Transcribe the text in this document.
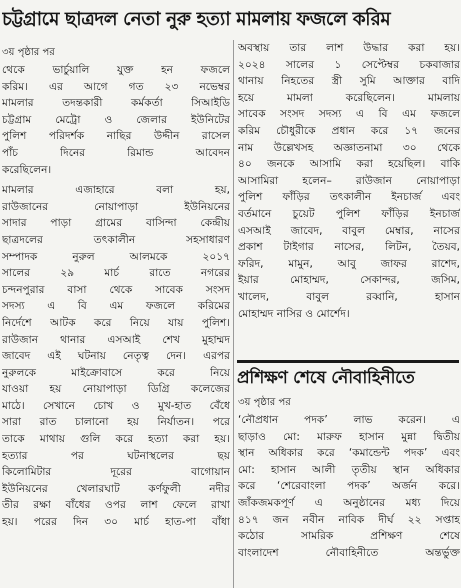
চট্টগ্রামে ছাত্রদল নেতা নুরু হত্যা মামলায় ফজলে করিম
৩য় পৃষ্ঠার পর
থেকে ভার্চুয়ালি যুক্ত হন ফজলে
করিম। এর আগে গত ২৩ নভেম্বর
মামলার তদন্তকারী কর্মকর্তা সিআইডি
চট্টগ্রাম মেট্রো ও জেলার ইউনিটের
পুলিশ পরিদর্শক নাছির উদ্দীন রাসেল
পাঁচ দিনের রিমান্ড আবেদন
করেছিলেন।
মামলার এজাহারে বলা হয়,
রাউজানের নোয়াপাড়া ইউনিয়নের
সাদার পাড়া গ্রামের বাসিন্দা কেন্দ্রীয়
ছাত্রদলের তৎকালীন সহসাধারণ
সম্পাদক নুরুল আলমকে ২০১৭
সালের ২৯ মার্চ রাতে নগরের
চন্দনপুরার বাসা থেকে সাবেক সংসদ
সদস্য এ বি এম ফজলে করিমের
নির্দেশে আটক করে নিয়ে যায় পুলিশ।
রাউজান থানার এসআই শেখ মুহাম্মদ
জাবেদ এই ঘটনায় নেতৃত্ব দেন। এরপর
নুরুলকে মাইক্রোবাসে করে নিয়ে
যাওয়া হয় নোয়াপাড়া ডিগ্রি কলেজের
মাঠে। সেখানে চোখ ও মুখ-হাত বেঁধে
সারা রাত চালানো হয় নির্যাতন। পরে
তাকে মাথায় গুলি করে হত্যা করা হয়।
হত্যার পর ঘটনাস্থলের ছয়
কিলোমিটার দূরের বাগোয়ান
ইউনিয়নের খেলারঘাট কর্ণফুলী নদীর
তীর রক্ষা বাঁধের ওপর লাশ ফেলে রাখা
হয়। পরের দিন ৩০ মার্চ হাত-পা বাঁধা
অবস্থায় তার লাশ উদ্ধার করা হয়।
২০২৪ সালের ১ সেপ্টেম্বর চকবাজার
থানায় নিহতের স্ত্রী সুমি আক্তার বাদি
হয়ে মামলা করেছিলেন। মামলায়
সাবেক সংসদ সদস্য এ বি এম ফজলে
করিম চৌধুরীকে প্রধান করে ১৭ জনের
নাম উল্লেখসহ অজ্ঞাতনামা ৩০ থেকে
৪০ জনকে আসামি করা হয়েছিল। বাকি
আসামিরা হলেন– রাউজান নোয়াপাড়া
পুলিশ ফাঁড়ির তৎকালীন ইনচার্জ এবং
বর্তমানে চুয়েট পুলিশ ফাঁড়ির ইনচার্জ
এসআই জাবেদ, বাবুল মেম্বার, নাসের
প্রকাশ টাইগার নাসের, লিটন, তৈয়ব,
ফরিদ, মামুন, আবু জাফর রাশেদ,
ইয়ার মোহাম্মদ, সেকান্দর, জসিম,
খালেদ, বাবুল রব্বানি, হাসান
মোহাম্মদ নাসির ও মোর্শেদ।
প্রশিক্ষণ শেষে নৌবাহিনীতে
৩য় পৃষ্ঠার পর
‘নৌপ্রধান পদক’ লাভ করেন। এ
ছাড়াও মো: মারুফ হাসান মুন্না দ্বিতীয়
স্থান অধিকার করে ‘কমান্ডেন্ট পদক’ এবং
মো: হাসান আলী তৃতীয় স্থান অধিকার
করে ‘শেরেবাংলা পদক’ অর্জন করে।
জাঁকজমকপূর্ণ এ অনুষ্ঠানের মধ্য দিয়ে
৪১৭ জন নবীন নাবিক দীর্ঘ ২২ সপ্তাহ
কঠোর সামরিক প্রশিক্ষণ শেষে
বাংলাদেশ নৌবাহিনীতে অন্তর্ভুক্ত
